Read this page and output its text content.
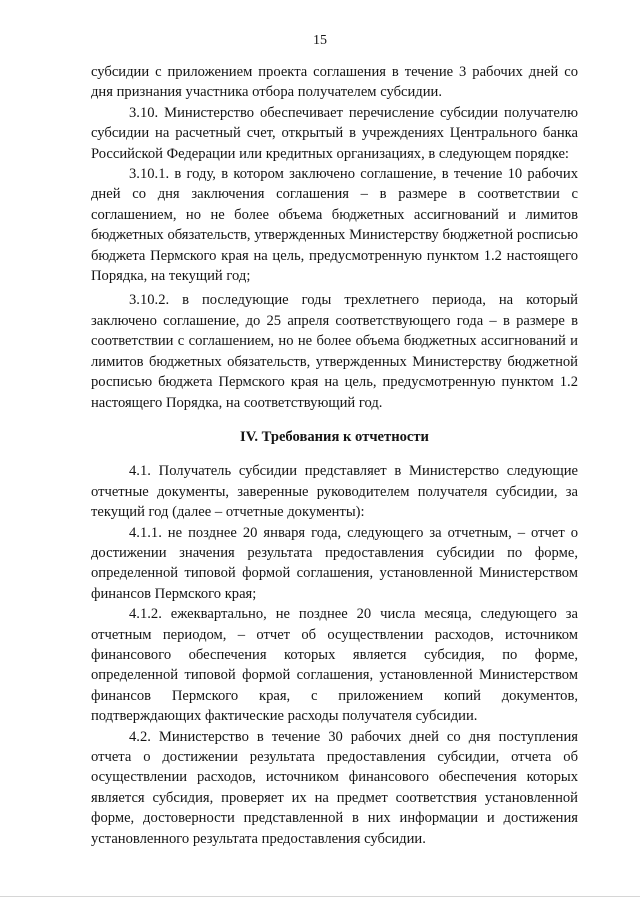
15

субсидии с приложением проекта соглашения в течение 3 рабочих дней со дня признания участника отбора получателем субсидии.

3.10. Министерство обеспечивает перечисление субсидии получателю субсидии на расчетный счет, открытый в учреждениях Центрального банка Российской Федерации или кредитных организациях, в следующем порядке:

3.10.1. в году, в котором заключено соглашение, в течение 10 рабочих дней со дня заключения соглашения – в размере в соответствии с соглашением, но не более объема бюджетных ассигнований и лимитов бюджетных обязательств, утвержденных Министерству бюджетной росписью бюджета Пермского края на цель, предусмотренную пунктом 1.2 настоящего Порядка, на текущий год;

3.10.2. в последующие годы трехлетнего периода, на который заключено соглашение, до 25 апреля соответствующего года – в размере в соответствии с соглашением, но не более объема бюджетных ассигнований и лимитов бюджетных обязательств, утвержденных Министерству бюджетной росписью бюджета Пермского края на цель, предусмотренную пунктом 1.2 настоящего Порядка, на соответствующий год.

IV. Требования к отчетности

4.1. Получатель субсидии представляет в Министерство следующие отчетные документы, заверенные руководителем получателя субсидии, за текущий год (далее – отчетные документы):

4.1.1. не позднее 20 января года, следующего за отчетным, – отчет о достижении значения результата предоставления субсидии по форме, определенной типовой формой соглашения, установленной Министерством финансов Пермского края;

4.1.2. ежеквартально, не позднее 20 числа месяца, следующего за отчетным периодом, – отчет об осуществлении расходов, источником финансового обеспечения которых является субсидия, по форме, определенной типовой формой соглашения, установленной Министерством финансов Пермского края, с приложением копий документов, подтверждающих фактические расходы получателя субсидии.

4.2. Министерство в течение 30 рабочих дней со дня поступления отчета о достижении результата предоставления субсидии, отчета об осуществлении расходов, источником финансового обеспечения которых является субсидия, проверяет их на предмет соответствия установленной форме, достоверности представленной в них информации и достижения установленного результата предоставления субсидии.
